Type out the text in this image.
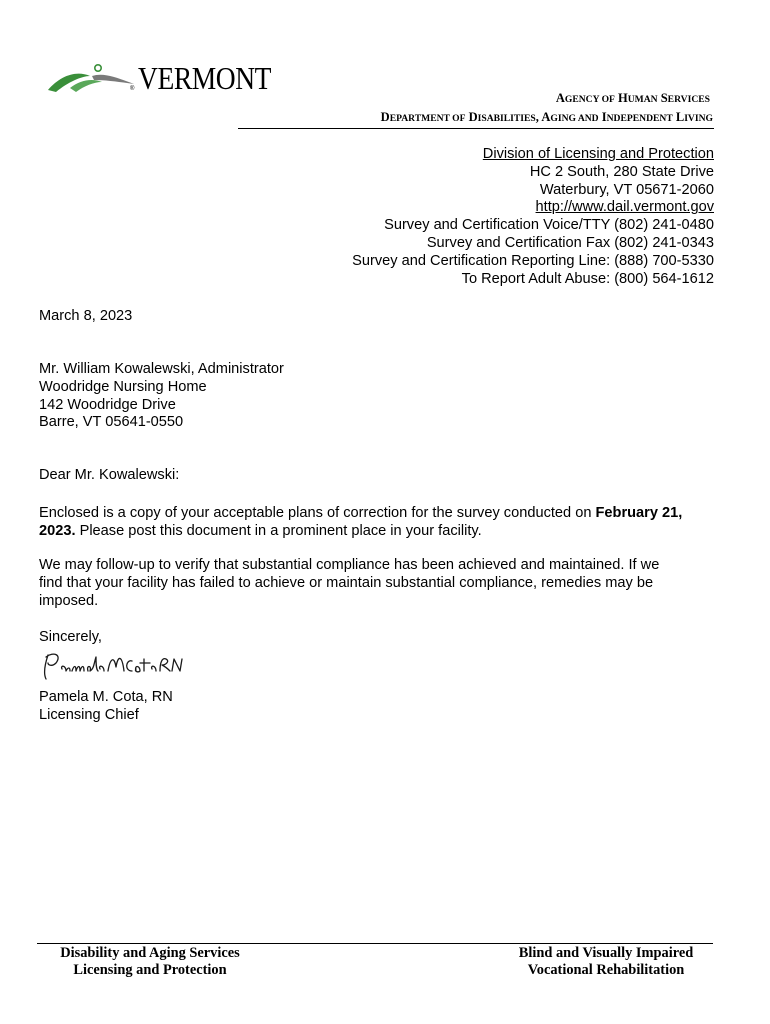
® VERMONT
AGENCY OF HUMAN SERVICES
DEPARTMENT OF DISABILITIES, AGING AND INDEPENDENT LIVING
Division of Licensing and Protection
HC 2 South, 280 State Drive
Waterbury, VT 05671-2060
http://www.dail.vermont.gov
Survey and Certification Voice/TTY (802) 241-0480
Survey and Certification Fax (802) 241-0343
Survey and Certification Reporting Line: (888) 700-5330
To Report Adult Abuse: (800) 564-1612
March 8, 2023
Mr. William Kowalewski, Administrator
Woodridge Nursing Home
142 Woodridge Drive
Barre, VT 05641-0550
Dear Mr. Kowalewski:
Enclosed is a copy of your acceptable plans of correction for the survey conducted on February 21,
2023. Please post this document in a prominent place in your facility.
We may follow-up to verify that substantial compliance has been achieved and maintained. If we
find that your facility has failed to achieve or maintain substantial compliance, remedies may be
imposed.
Sincerely,
Pamela M. Cota, RN
Licensing Chief
Disability and Aging Services
Licensing and Protection
Blind and Visually Impaired
Vocational Rehabilitation
